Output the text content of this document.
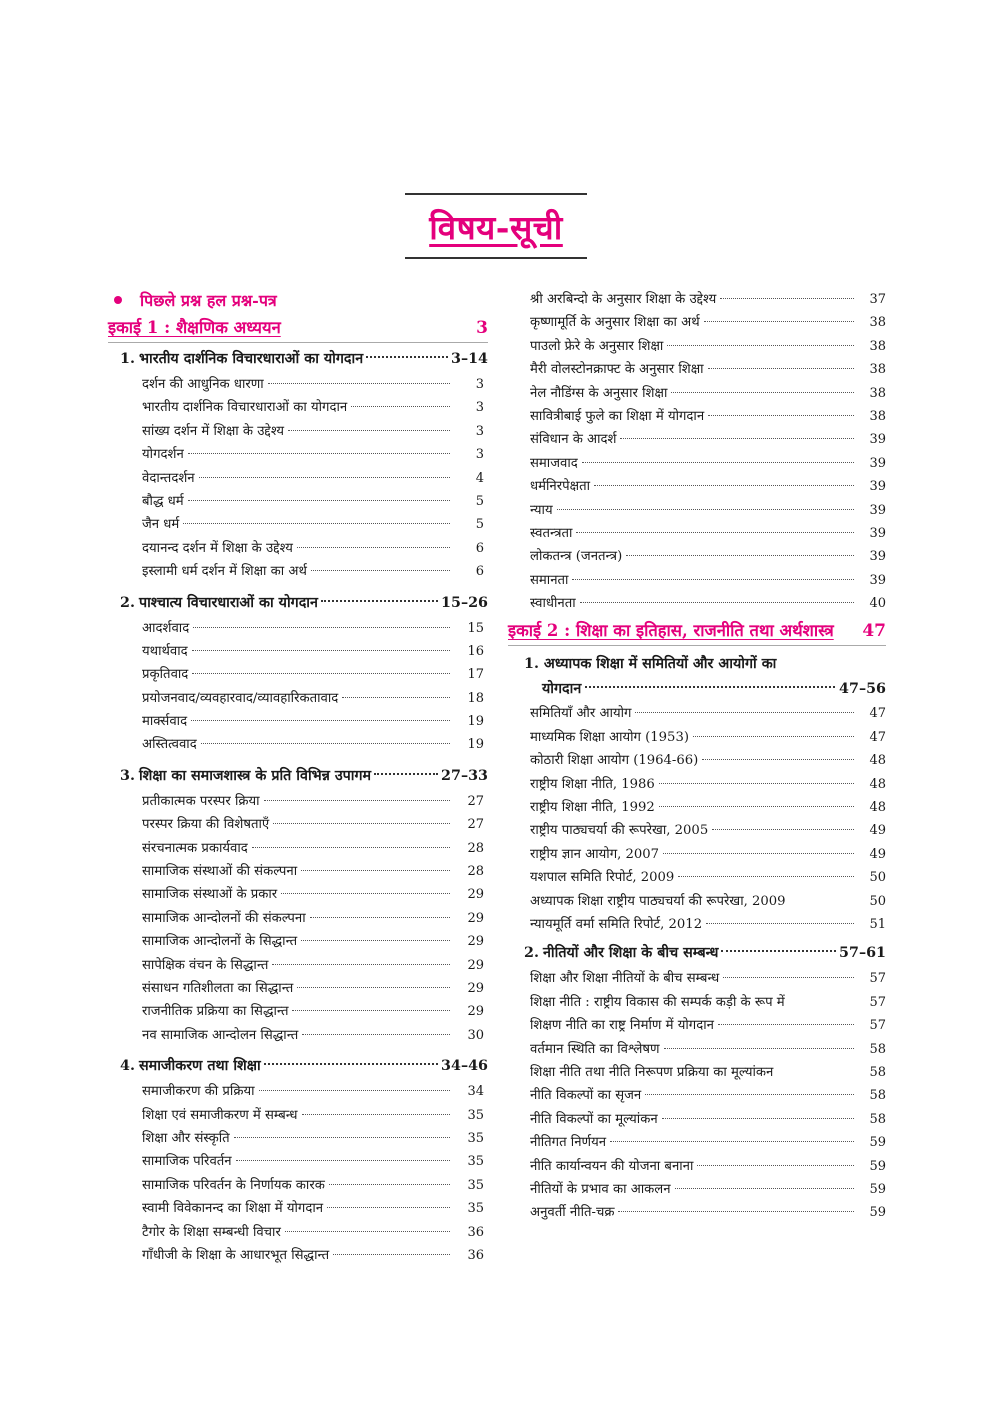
विषय-सूची
पिछले प्रश्न हल प्रश्न-पत्र
इकाई 1 : शैक्षणिक अध्ययन	3
1.
भारतीय दार्शनिक विचारधाराओं का योगदान	3–14
दर्शन की आधुनिक धारणा	3
भारतीय दार्शनिक विचारधाराओं का योगदान	3
सांख्य दर्शन में शिक्षा के उद्देश्य	3
योगदर्शन	3
वेदान्तदर्शन	4
बौद्ध धर्म	5
जैन धर्म	5
दयानन्द दर्शन में शिक्षा के उद्देश्य	6
इस्लामी धर्म दर्शन में शिक्षा का अर्थ	6
2.
पाश्चात्य विचारधाराओं का योगदान	15–26
आदर्शवाद	15
यथार्थवाद	16
प्रकृतिवाद	17
प्रयोजनवाद/व्यवहारवाद/व्यावहारिकतावाद	18
मार्क्सवाद	19
अस्तित्ववाद	19
3.
शिक्षा का समाजशास्त्र के प्रति विभिन्न उपागम	27–33
प्रतीकात्मक परस्पर क्रिया	27
परस्पर क्रिया की विशेषताएँ	27
संरचनात्मक प्रकार्यवाद	28
सामाजिक संस्थाओं की संकल्पना	28
सामाजिक संस्थाओं के प्रकार	29
सामाजिक आन्दोलनों की संकल्पना	29
सामाजिक आन्दोलनों के सिद्धान्त	29
सापेक्षिक वंचन के सिद्धान्त	29
संसाधन गतिशीलता का सिद्धान्त	29
राजनीतिक प्रक्रिया का सिद्धान्त	29
नव सामाजिक आन्दोलन सिद्धान्त	30
4.
समाजीकरण तथा शिक्षा	34–46
समाजीकरण की प्रक्रिया	34
शिक्षा एवं समाजीकरण में सम्बन्ध	35
शिक्षा और संस्कृति	35
सामाजिक परिवर्तन	35
सामाजिक परिवर्तन के निर्णायक कारक	35
स्वामी विवेकानन्द का शिक्षा में योगदान	35
टैगोर के शिक्षा सम्बन्धी विचार	36
गाँधीजी के शिक्षा के आधारभूत सिद्धान्त	36
श्री अरबिन्दो के अनुसार शिक्षा के उद्देश्य	37
कृष्णामूर्ति के अनुसार शिक्षा का अर्थ	38
पाउलो फ्रेरे के अनुसार शिक्षा	38
मैरी वोलस्टोनक्राफ्ट के अनुसार शिक्षा	38
नेल नौडिंग्स के अनुसार शिक्षा	38
सावित्रीबाई फुले का शिक्षा में योगदान	38
संविधान के आदर्श	39
समाजवाद	39
धर्मनिरपेक्षता	39
न्याय	39
स्वतन्त्रता	39
लोकतन्त्र (जनतन्त्र)	39
समानता	39
स्वाधीनता	40
इकाई 2 : शिक्षा का इतिहास, राजनीति तथा अर्थशास्त्र	47
1. अध्यापक शिक्षा में समितियों और आयोगों का
योगदान	47–56
समितियाँ और आयोग	47
माध्यमिक शिक्षा आयोग (1953)	47
कोठारी शिक्षा आयोग (1964-66)	48
राष्ट्रीय शिक्षा नीति, 1986	48
राष्ट्रीय शिक्षा नीति, 1992	48
राष्ट्रीय पाठ्यचर्या की रूपरेखा, 2005	49
राष्ट्रीय ज्ञान आयोग, 2007	49
यशपाल समिति रिपोर्ट, 2009	50
अध्यापक शिक्षा राष्ट्रीय पाठ्यचर्या की रूपरेखा, 2009	50
न्यायमूर्ति वर्मा समिति रिपोर्ट, 2012	51
2.
नीतियों और शिक्षा के बीच सम्बन्ध	57–61
शिक्षा और शिक्षा नीतियों के बीच सम्बन्ध	57
शिक्षा नीति : राष्ट्रीय विकास की सम्पर्क कड़ी के रूप में	57
शिक्षण नीति का राष्ट्र निर्माण में योगदान	57
वर्तमान स्थिति का विश्लेषण	58
शिक्षा नीति तथा नीति निरूपण प्रक्रिया का मूल्यांकन	58
नीति विकल्पों का सृजन	58
नीति विकल्पों का मूल्यांकन	58
नीतिगत निर्णयन	59
नीति कार्यान्वयन की योजना बनाना	59
नीतियों के प्रभाव का आकलन	59
अनुवर्ती नीति-चक्र	59
